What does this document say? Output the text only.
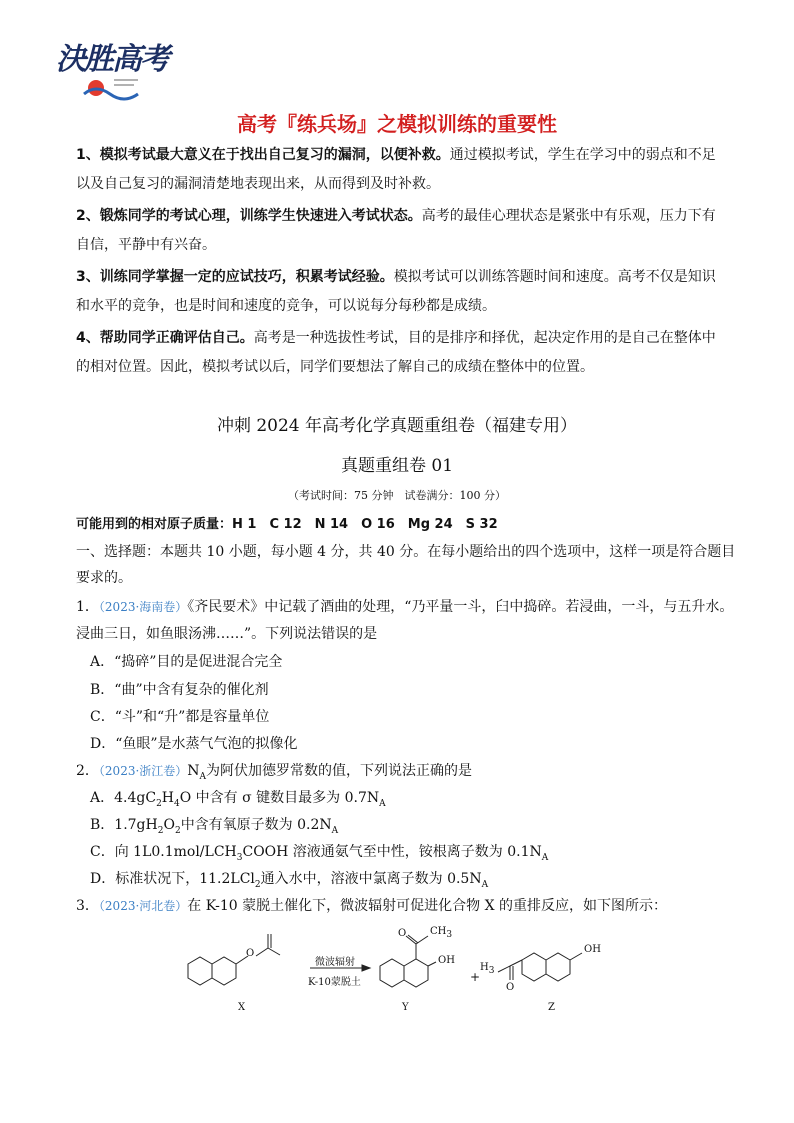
決胜高考
高考『练兵场』之模拟训练的重要性
1、模拟考试最大意义在于找出自己复习的漏洞，以便补救。通过模拟考试，学生在学习中的弱点和不足以及自己复习的漏洞清楚地表现出来，从而得到及时补救。
2、锻炼同学的考试心理，训练学生快速进入考试状态。高考的最佳心理状态是紧张中有乐观，压力下有自信，平静中有兴奋。
3、训练同学掌握一定的应试技巧，积累考试经验。模拟考试可以训练答题时间和速度。高考不仅是知识和水平的竞争，也是时间和速度的竞争，可以说每分每秒都是成绩。
4、帮助同学正确评估自己。高考是一种选拔性考试，目的是排序和择优，起决定作用的是自己在整体中的相对位置。因此，模拟考试以后，同学们要想法了解自己的成绩在整体中的位置。
冲刺 2024 年高考化学真题重组卷（福建专用）
真题重组卷 01
（考试时间：75 分钟　试卷满分：100 分）
可能用到的相对原子质量：H 1　C 12　N 14　O 16　Mg 24　S 32
一、选择题：本题共 10 小题，每小题 4 分，共 40 分。在每小题给出的四个选项中，这样一项是符合题目
要求的。
1．（2023·海南卷）《齐民要术》中记载了酒曲的处理，“乃平量一斗，臼中捣碎。若浸曲，一斗，与五升水。
浸曲三日，如鱼眼汤沸……”。下列说法错误的是
A．“捣碎”目的是促进混合完全
B．“曲”中含有复杂的催化剂
C．“斗”和“升”都是容量单位
D．“鱼眼”是水蒸气气泡的拟像化
2．（2023·浙江卷）$N_A$为阿伏加德罗常数的值，下列说法正确的是
A．$4.4gC_2H_4O$ 中含有 σ 键数目最多为 $0.7N_A$
B．$1.7gH_2O_2$中含有氧原子数为 $0.2N_A$
C．向 $1L0.1mol/LCH_3COOH$ 溶液通氨气至中性，铵根离子数为 $0.1N_A$
D．标准状况下，11.2LCl$_2$通入水中，溶液中氯离子数为 $0.5N_A$
3．（2023·河北卷）在 K-10 蒙脱土催化下，微波辐射可促进化合物 X 的重排反应，如下图所示：
O
微波辐射
K-10蒙脱土
O $CH_3$
OH
+
$H_3$
O
OH
X	Y	Z
